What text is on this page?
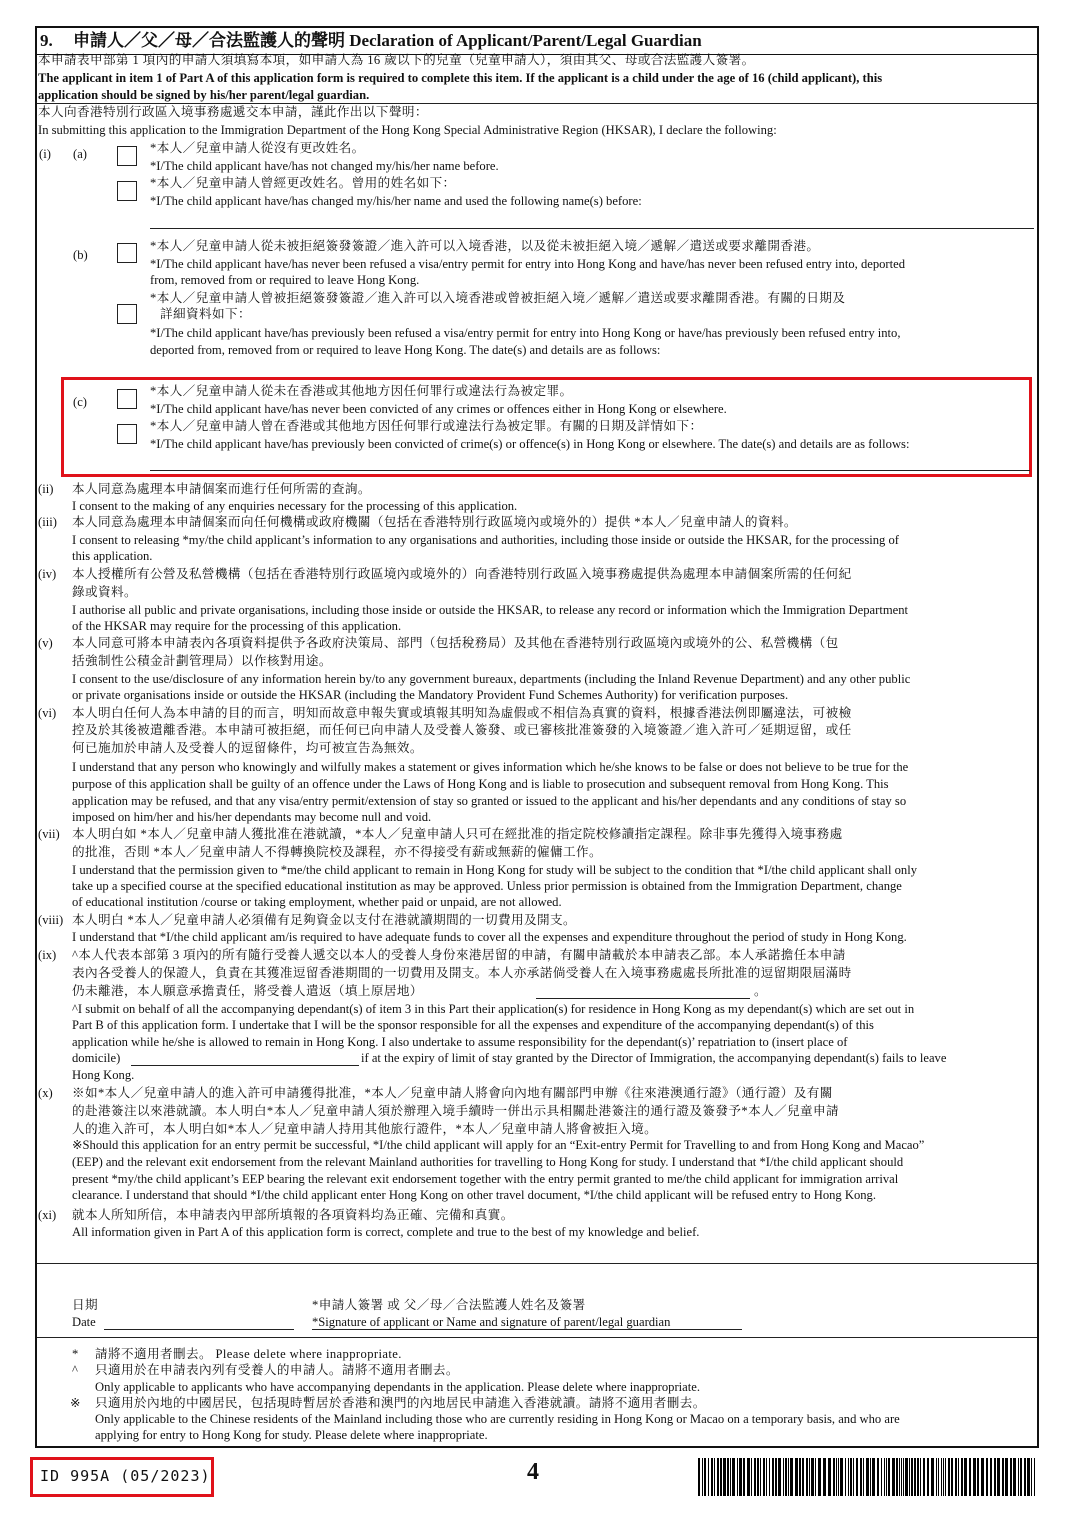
9. 申請人／父／母／合法監護人的聲明 Declaration of Applicant/Parent/Legal Guardian
本申請表甲部第 1 項內的申請人須填寫本項，如申請人為 16 歲以下的兒童（兒童申請人），須由其父、母或合法監護人簽署。
The applicant in item 1 of Part A of this application form is required to complete this item. If the applicant is a child under the age of 16 (child applicant), this
application should be signed by his/her parent/legal guardian.
本人向香港特別行政區入境事務處遞交本申請，謹此作出以下聲明：
In submitting this application to the Immigration Department of the Hong Kong Special Administrative Region (HKSAR), I declare the following:
(i) (a)	*本人／兒童申請人從沒有更改姓名。
*I/The child applicant have/has not changed my/his/her name before.
*本人／兒童申請人曾經更改姓名。曾用的姓名如下：
*I/The child applicant have/has changed my/his/her name and used the following name(s) before:
(b)
*本人／兒童申請人從未被拒絕簽發簽證／進入許可以入境香港，以及從未被拒絕入境／遞解／遣送或要求離開香港。
*I/The child applicant have/has never been refused a visa/entry permit for entry into Hong Kong and have/has never been refused entry into, deported
from, removed from or required to leave Hong Kong.
*本人／兒童申請人曾被拒絕簽發簽證／進入許可以入境香港或曾被拒絕入境／遞解／遣送或要求離開香港。有關的日期及
詳細資料如下：
*I/The child applicant have/has previously been refused a visa/entry permit for entry into Hong Kong or have/has previously been refused entry into,
deported from, removed from or required to leave Hong Kong. The date(s) and details are as follows:
(c)
*本人／兒童申請人從未在香港或其他地方因任何罪行或違法行為被定罪。
*I/The child applicant have/has never been convicted of any crimes or offences either in Hong Kong or elsewhere.
*本人／兒童申請人曾在香港或其他地方因任何罪行或違法行為被定罪。有關的日期及詳情如下：
*I/The child applicant have/has previously been convicted of crime(s) or offence(s) in Hong Kong or elsewhere. The date(s) and details are as follows:
(ii) 本人同意為處理本申請個案而進行任何所需的查詢。
I consent to the making of any enquiries necessary for the processing of this application.
(iii) 本人同意為處理本申請個案而向任何機構或政府機關（包括在香港特別行政區境內或境外的）提供 *本人／兒童申請人的資料。
I consent to releasing *my/the child applicant’s information to any organisations and authorities, including those inside or outside the HKSAR, for the processing of
this application.
(iv) 本人授權所有公營及私營機構（包括在香港特別行政區境內或境外的）向香港特別行政區入境事務處提供為處理本申請個案所需的任何紀
錄或資料。
I authorise all public and private organisations, including those inside or outside the HKSAR, to release any record or information which the Immigration Department
of the HKSAR may require for the processing of this application.
(v) 本人同意可將本申請表內各項資料提供予各政府決策局、部門（包括稅務局）及其他在香港特別行政區境內或境外的公、私營機構（包
括強制性公積金計劃管理局）以作核對用途。
I consent to the use/disclosure of any information herein by/to any government bureaux, departments (including the Inland Revenue Department) and any other public
or private organisations inside or outside the HKSAR (including the Mandatory Provident Fund Schemes Authority) for verification purposes.
(vi) 本人明白任何人為本申請的目的而言，明知而故意申報失實或填報其明知為虛假或不相信為真實的資料，根據香港法例即屬違法，可被檢
控及於其後被遣離香港。本申請可被拒絕，而任何已向申請人及受養人簽發、或已審核批准簽發的入境簽證／進入許可／延期逗留，或任
何已施加於申請人及受養人的逗留條件，均可被宣告為無效。
I understand that any person who knowingly and wilfully makes a statement or gives information which he/she knows to be false or does not believe to be true for the
purpose of this application shall be guilty of an offence under the Laws of Hong Kong and is liable to prosecution and subsequent removal from Hong Kong. This
application may be refused, and that any visa/entry permit/extension of stay so granted or issued to the applicant and his/her dependants and any conditions of stay so
imposed on him/her and his/her dependants may become null and void.
(vii) 本人明白如 *本人／兒童申請人獲批准在港就讀，*本人／兒童申請人只可在經批准的指定院校修讀指定課程。除非事先獲得入境事務處
的批准，否則 *本人／兒童申請人不得轉換院校及課程，亦不得接受有薪或無薪的僱傭工作。
I understand that the permission given to *me/the child applicant to remain in Hong Kong for study will be subject to the condition that *I/the child applicant shall only
take up a specified course at the specified educational institution as may be approved. Unless prior permission is obtained from the Immigration Department, change
of educational institution /course or taking employment, whether paid or unpaid, are not allowed.
(viii) 本人明白 *本人／兒童申請人必須備有足夠資金以支付在港就讀期間的一切費用及開支。
I understand that *I/the child applicant am/is required to have adequate funds to cover all the expenses and expenditure throughout the period of study in Hong Kong.
(ix) ^本人代表本部第 3 項內的所有隨行受養人遞交以本人的受養人身份來港居留的申請，有關申請載於本申請表乙部。本人承諾擔任本申請
表內各受養人的保證人，負責在其獲准逗留香港期間的一切費用及開支。本人亦承諾倘受養人在入境事務處處長所批准的逗留期限屆滿時
仍未離港，本人願意承擔責任，將受養人遣返（填上原居地）	。
^I submit on behalf of all the accompanying dependant(s) of item 3 in this Part their application(s) for residence in Hong Kong as my dependant(s) which are set out in
Part B of this application form. I undertake that I will be the sponsor responsible for all the expenses and expenditure of the accompanying dependant(s) of this
application while he/she is allowed to remain in Hong Kong. I also undertake to assume responsibility for the dependant(s)’ repatriation to (insert place of
domicile)	if at the expiry of limit of stay granted by the Director of Immigration, the accompanying dependant(s) fails to leave
Hong Kong.
(x) ※如*本人／兒童申請人的進入許可申請獲得批准，*本人／兒童申請人將會向內地有關部門申辦《往來港澳通行證》（通行證）及有關
的赴港簽注以來港就讀。本人明白*本人／兒童申請人須於辦理入境手續時一併出示具相關赴港簽注的通行證及簽發予*本人／兒童申請
人的進入許可，本人明白如*本人／兒童申請人持用其他旅行證件，*本人／兒童申請人將會被拒入境。
※Should this application for an entry permit be successful, *I/the child applicant will apply for an “Exit-entry Permit for Travelling to and from Hong Kong and Macao”
(EEP) and the relevant exit endorsement from the relevant Mainland authorities for travelling to Hong Kong for study. I understand that *I/the child applicant should
present *my/the child applicant’s EEP bearing the relevant exit endorsement together with the entry permit granted to me/the child applicant for immigration arrival
clearance. I understand that should *I/the child applicant enter Hong Kong on other travel document, *I/the child applicant will be refused entry to Hong Kong.
(xi) 就本人所知所信，本申請表內甲部所填報的各項資料均為正確、完備和真實。
All information given in Part A of this application form is correct, complete and true to the best of my knowledge and belief.
日期
Date
*申請人簽署 或 父／母／合法監護人姓名及簽署
*Signature of applicant or Name and signature of parent/legal guardian
* 請將不適用者刪去。 Please delete where inappropriate.
^ 只適用於在申請表內列有受養人的申請人。請將不適用者刪去。
Only applicable to applicants who have accompanying dependants in the application. Please delete where inappropriate.
※ 只適用於內地的中國居民，包括現時暫居於香港和澳門的內地居民申請進入香港就讀。請將不適用者刪去。
Only applicable to the Chinese residents of the Mainland including those who are currently residing in Hong Kong or Macao on a temporary basis, and who are
applying for entry to Hong Kong for study. Please delete where inappropriate.
ID 995A (05/2023)	4
